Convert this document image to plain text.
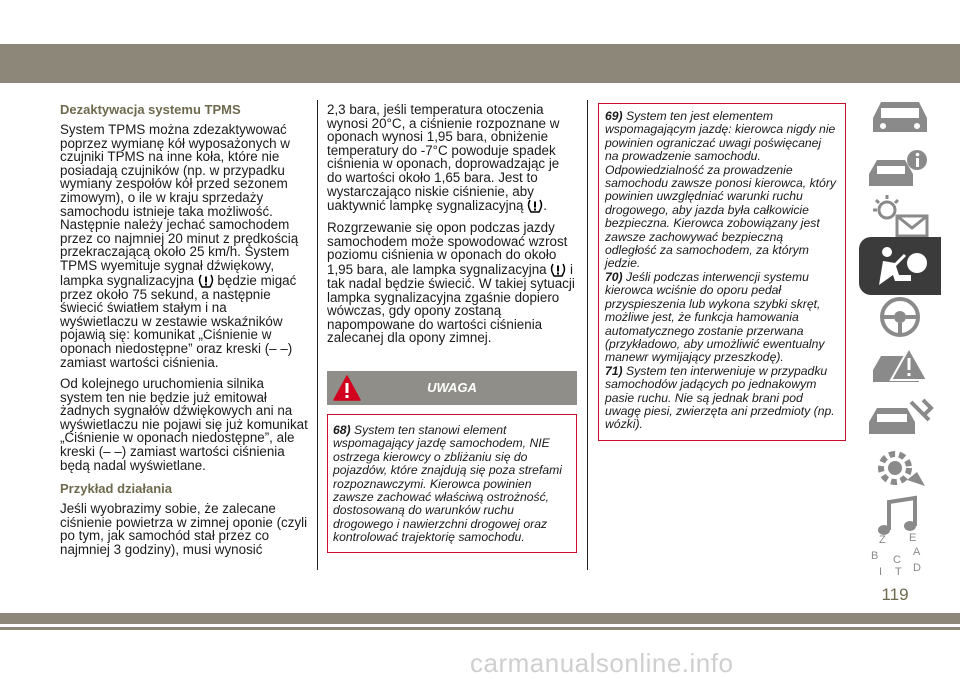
Dezaktywacja systemu TPMS

System TPMS można zdezaktywować poprzez wymianę kół wyposażonych w czujniki TPMS na inne koła, które nie posiadają czujników (np. w przypadku wymiany zespołów kół przed sezonem zimowym), o ile w kraju sprzedaży samochodu istnieje taka możliwość. Następnie należy jechać samochodem przez co najmniej 20 minut z prędkością przekraczającą około 25 km/h. System TPMS wyemituje sygnał dźwiękowy, lampka sygnalizacyjna  będzie migać przez około 75 sekund, a następnie świecić światłem stałym i na wyświetlaczu w zestawie wskaźników pojawią się: komunikat „Ciśnienie w oponach niedostępne” oraz kreski (– –) zamiast wartości ciśnienia.

Od kolejnego uruchomienia silnika system ten nie będzie już emitował żadnych sygnałów dźwiękowych ani na wyświetlaczu nie pojawi się już komunikat „Ciśnienie w oponach niedostępne”, ale kreski (– –) zamiast wartości ciśnienia będą nadal wyświetlane.

Przykład działania

Jeśli wyobrazimy sobie, że zalecane ciśnienie powietrza w zimnej oponie (czyli po tym, jak samochód stał przez co najmniej 3 godziny), musi wynosić

2,3 bara, jeśli temperatura otoczenia wynosi 20°C, a ciśnienie rozpoznane w oponach wynosi 1,95 bara, obniżenie temperatury do -7°C powoduje spadek ciśnienia w oponach, doprowadzając je do wartości około 1,65 bara. Jest to wystarczająco niskie ciśnienie, aby uaktywnić lampkę sygnalizacyjną .

Rozgrzewanie się opon podczas jazdy samochodem może spowodować wzrost poziomu ciśnienia w oponach do około 1,95 bara, ale lampka sygnalizacyjna  i tak nadal będzie świecić. W takiej sytuacji lampka sygnalizacyjna zgaśnie dopiero wówczas, gdy opony zostaną napompowane do wartości ciśnienia zalecanej dla opony zimnej.

UWAGA

68) System ten stanowi element wspomagający jazdę samochodem, NIE ostrzega kierowcy o zbliżaniu się do pojazdów, które znajdują się poza strefami rozpoznawczymi. Kierowca powinien zawsze zachować właściwą ostrożność, dostosowaną do warunków ruchu drogowego i nawierzchni drogowej oraz kontrolować trajektorię samochodu.

69) System ten jest elementem wspomagającym jazdę: kierowca nigdy nie powinien ograniczać uwagi poświęcanej na prowadzenie samochodu. Odpowiedzialność za prowadzenie samochodu zawsze ponosi kierowca, który powinien uwzględniać warunki ruchu drogowego, aby jazda była całkowicie bezpieczna. Kierowca zobowiązany jest zawsze zachowywać bezpieczną odległość za samochodem, za którym jedzie.

70) Jeśli podczas interwencji systemu kierowca wciśnie do oporu pedał przyspieszenia lub wykona szybki skręt, możliwe jest, że funkcja hamowania automatycznego zostanie przerwana (przykładowo, aby umożliwić ewentualny manewr wymijający przeszkodę).

71) System ten interweniuje w przypadku samochodów jadących po jednakowym pasie ruchu. Nie są jednak brani pod uwagę piesi, zwierzęta ani przedmioty (np. wózki).

Z E
B	A
C
I T D
119
carmanualsonline.info
